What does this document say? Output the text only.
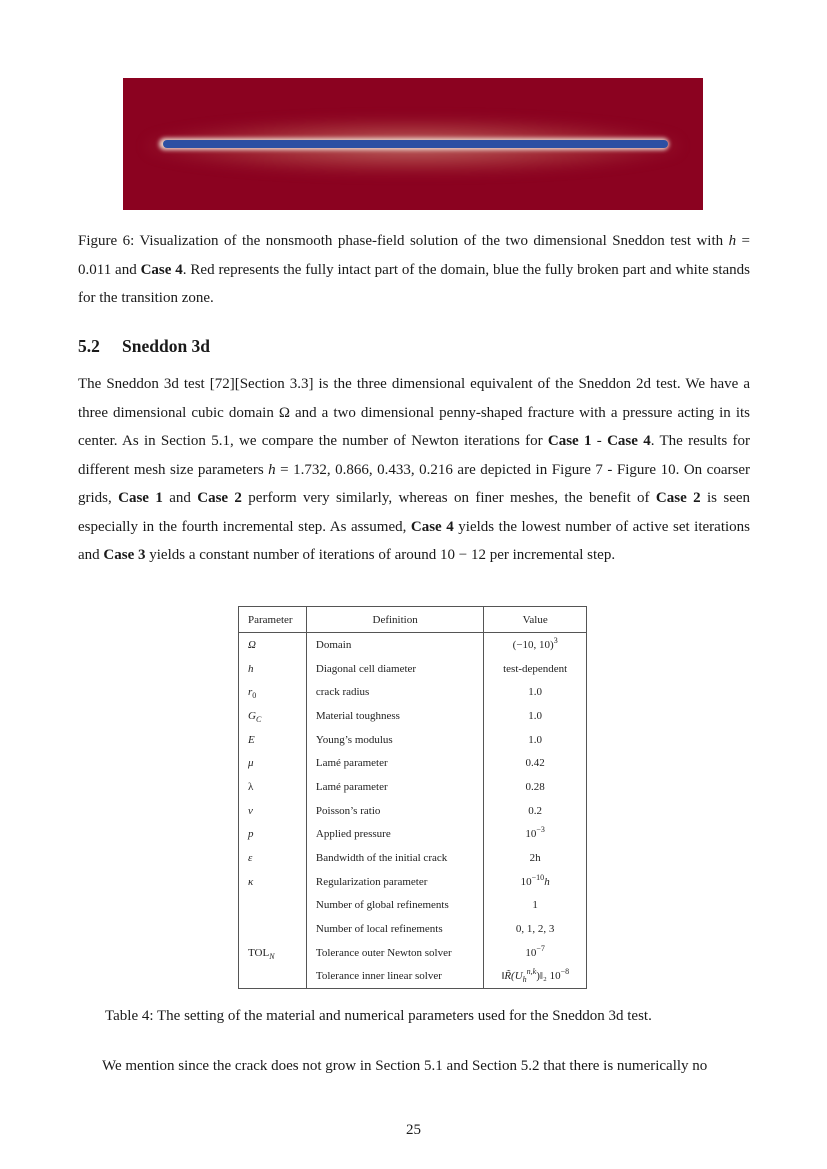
Figure 6: Visualization of the nonsmooth phase-field solution of the two dimensional Sneddon test with h = 0.011 and Case 4. Red represents the fully intact part of the domain, blue the fully broken part and white stands for the transition zone.
5.2 Sneddon 3d
The Sneddon 3d test [72][Section 3.3] is the three dimensional equivalent of the Sneddon 2d test. We have a three dimensional cubic domain Ω and a two dimensional penny-shaped fracture with a pressure acting in its center. As in Section 5.1, we compare the number of Newton iterations for Case 1 - Case 4. The results for different mesh size parameters h = 1.732, 0.866, 0.433, 0.216 are depicted in Figure 7 - Figure 10. On coarser grids, Case 1 and Case 2 perform very similarly, whereas on finer meshes, the benefit of Case 2 is seen especially in the fourth incremental step. As assumed, Case 4 yields the lowest number of active set iterations and Case 3 yields a constant number of iterations of around 10 − 12 per incremental step.
Parameter	Definition	Value
Ω	Domain	(−10, 10)$^3$
h	Diagonal cell diameter	test-dependent
$r_0$	crack radius	1.0
$G_C$	Material toughness	1.0
E	Young’s modulus	1.0
μ	Lamé parameter	0.42
λ	Lamé parameter	0.28
ν	Poisson’s ratio	0.2
p	Applied pressure	$10^{-3}$
ε	Bandwidth of the initial crack	2h
κ	Regularization parameter	$10^{-10}h$
	Number of global refinements	1
	Number of local refinements	0, 1, 2, 3
$TOL_N$	Tolerance outer Newton solver	$10^{-7}$
	Tolerance inner linear solver	$‖R̃(U_h^{n,k})‖_2$ $10^{-8}$
Table 4: The setting of the material and numerical parameters used for the Sneddon 3d test.
We mention since the crack does not grow in Section 5.1 and Section 5.2 that there is numerically no
25
